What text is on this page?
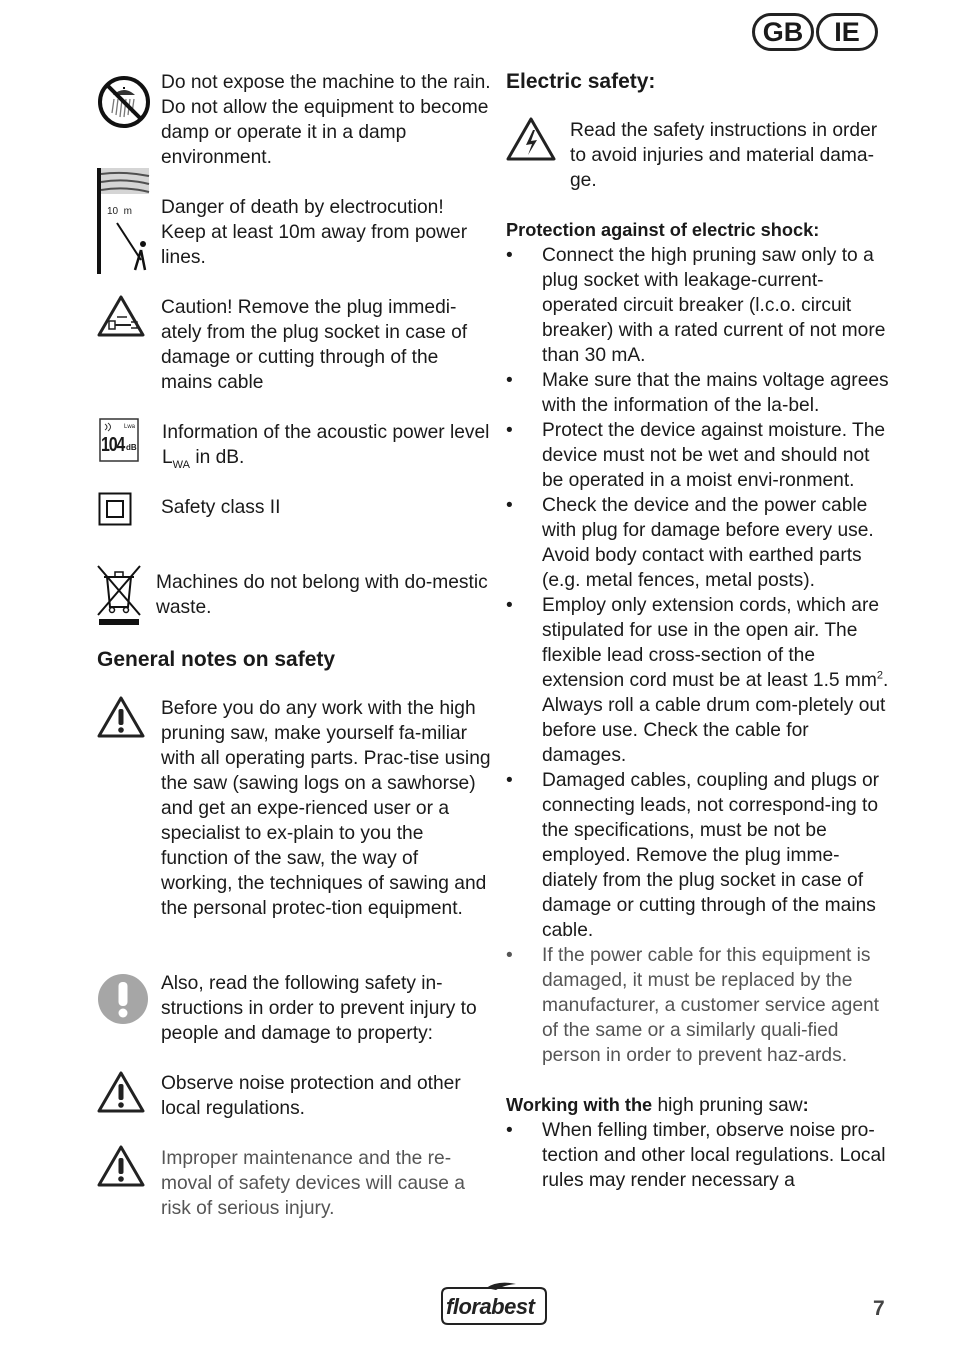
GB	IE
Do not expose the machine to the rain. Do not allow the equipment to become damp or operate it in a damp environment.
10  m Danger of death by electrocution! Keep at least 10m away from power lines.
Caution! Remove the plug immedi-ately from the plug socket in case of damage or cutting through of the mains cable
Lwa
104 dB
Information of the acoustic power level $L_{WA}$ in dB.
Safety class II
Machines do not belong with do-mestic waste.
General notes on safety
Before you do any work with the high pruning saw, make yourself fa-miliar with all operating parts. Prac-tise using the saw (sawing logs on a sawhorse) and get an expe-rienced user or a specialist to ex-plain to you the function of the saw, the way of working, the techniques of sawing and the personal protec-tion equipment.
Also, read the following safety in-structions in order to prevent injury to people and damage to property:
Observe noise protection and other local regulations.
Improper maintenance and the re-moval of safety devices will cause a risk of serious injury.
Electric safety:
Read the safety instructions in order to avoid injuries and material dama-ge.
Protection against of electric shock:
• Connect the high pruning saw only to a plug socket with leakage-current-operated circuit breaker (l.c.o. circuit breaker) with a rated current of not more than 30 mA.
• Make sure that the mains voltage agrees with the information of the la-bel.
• Protect the device against moisture. The device must not be wet and should not be operated in a moist envi-ronment.
• Check the device and the power cable with plug for damage before every use. Avoid body contact with earthed parts (e.g. metal fences, metal posts).
• Employ only extension cords, which are stipulated for use in the open air. The flexible lead cross-section of the extension cord must be at least 1.5 $mm^2$. Always roll a cable drum com-pletely out before use. Check the cable for damages.
• Damaged cables, coupling and plugs or connecting leads, not correspond-ing to the specifications, must be not be employed. Remove the plug imme-diately from the plug socket in case of damage or cutting through of the mains cable.
• If the power cable for this equipment is damaged, it must be replaced by the manufacturer, a customer service agent of the same or a similarly quali-fied person in order to prevent haz-ards.
Working with the high pruning saw:
• When felling timber, observe noise pro-tection and other local regulations. Local rules may render necessary a
florabest	7
